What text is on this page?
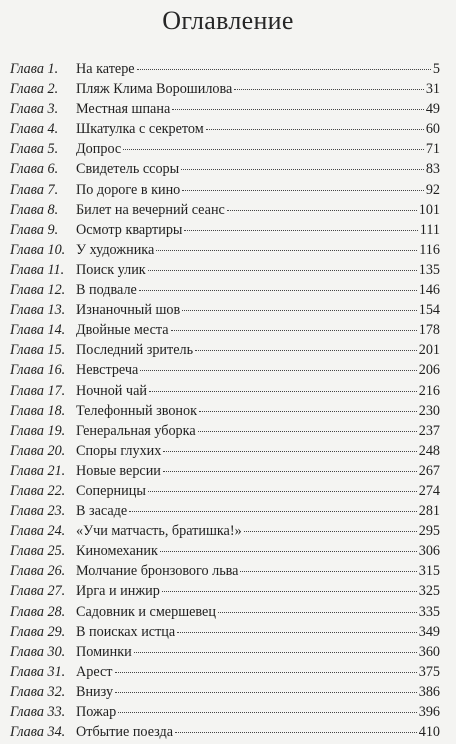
Оглавление
Глава 1.	На катере	5
Глава 2.	Пляж Клима Ворошилова	31
Глава 3.	Местная шпана	49
Глава 4.	Шкатулка с секретом	60
Глава 5.	Допрос	71
Глава 6.	Свидетель ссоры	83
Глава 7.	По дороге в кино	92
Глава 8.	Билет на вечерний сеанс	101
Глава 9.	Осмотр квартиры	111
Глава 10. У художника	116
Глава 11. Поиск улик	135
Глава 12. В подвале	146
Глава 13. Изнаночный шов	154
Глава 14. Двойные места	178
Глава 15. Последний зритель	201
Глава 16. Невстреча	206
Глава 17. Ночной чай	216
Глава 18. Телефонный звонок	230
Глава 19. Генеральная уборка	237
Глава 20. Споры глухих	248
Глава 21. Новые версии	267
Глава 22. Соперницы	274
Глава 23. В засаде	281
Глава 24. «Учи матчасть, братишка!»	295
Глава 25. Киномеханик	306
Глава 26. Молчание бронзового льва	315
Глава 27. Ирга и инжир	325
Глава 28. Садовник и смершевец	335
Глава 29. В поисках истца	349
Глава 30. Поминки	360
Глава 31. Арест	375
Глава 32. Внизу	386
Глава 33. Пожар	396
Глава 34. Отбытие поезда	410
